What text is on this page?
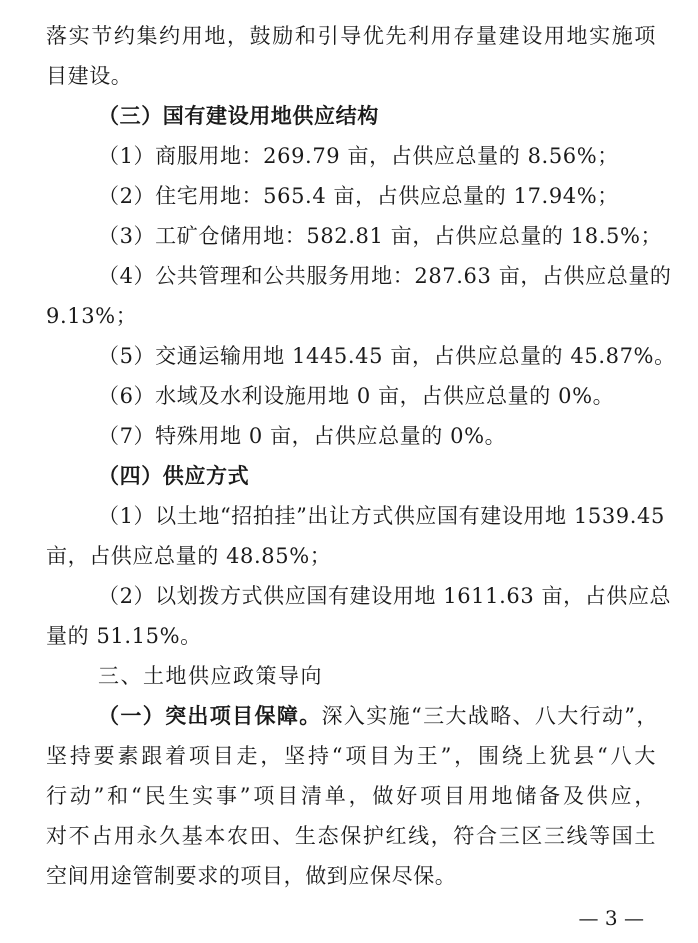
落实节约集约用地，鼓励和引导优先利用存量建设用地实施项
目建设。
（三）国有建设用地供应结构
（1）商服用地：269.79 亩，占供应总量的 8.56%；
（2）住宅用地：565.4 亩，占供应总量的 17.94%；
（3）工矿仓储用地：582.81 亩，占供应总量的 18.5%；
（4）公共管理和公共服务用地：287.63 亩，占供应总量的
9.13%；
（5）交通运输用地 1445.45 亩，占供应总量的 45.87%。
（6）水域及水利设施用地 0 亩，占供应总量的 0%。
（7）特殊用地 0 亩，占供应总量的 0%。
（四）供应方式
（1）以土地“招拍挂”出让方式供应国有建设用地 1539.45
亩，占供应总量的 48.85%；
（2）以划拨方式供应国有建设用地 1611.63 亩，占供应总
量的 51.15%。
三、土地供应政策导向
（一）突出项目保障。深入实施“三大战略、八大行动”，
坚持要素跟着项目走，坚持“项目为王”，围绕上犹县“八大
行动”和“民生实事”项目清单，做好项目用地储备及供应，
对不占用永久基本农田、生态保护红线，符合三区三线等国土
空间用途管制要求的项目，做到应保尽保。
— 3 —
